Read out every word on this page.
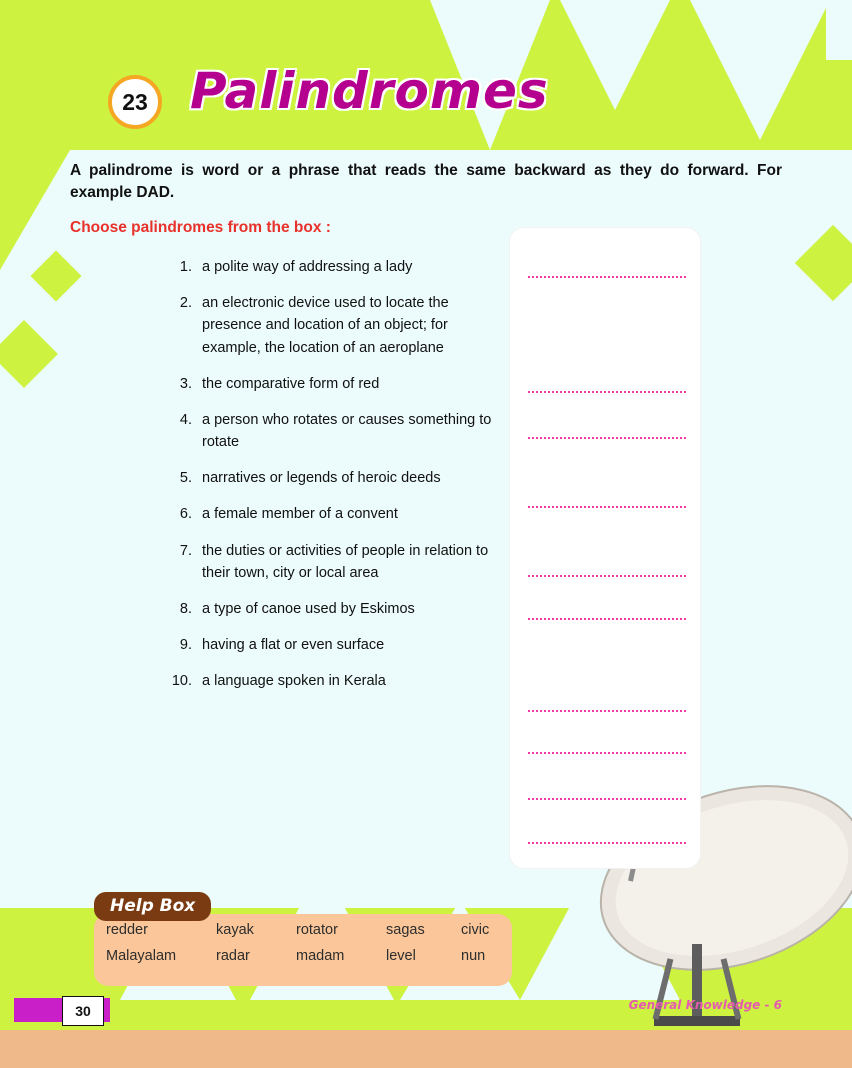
23 Palindromes
A palindrome is word or a phrase that reads the same backward as they do forward. For example DAD.
Choose palindromes from the box :
1. a polite way of addressing a lady
2. an electronic device used to locate the presence and location of an object; for example, the location of an aeroplane
3. the comparative form of red
4. a person who rotates or causes something to rotate
5. narratives or legends of heroic deeds
6. a female member of a convent
7. the duties or activities of people in relation to their town, city or local area
8. a type of canoe used by Eskimos
9. having a flat or even surface
10. a language spoken in Kerala
Help Box
redder	kayak	rotator	sagas	civic
Malayalam	radar	madam	level	nun
30	General Knowledge - 6
